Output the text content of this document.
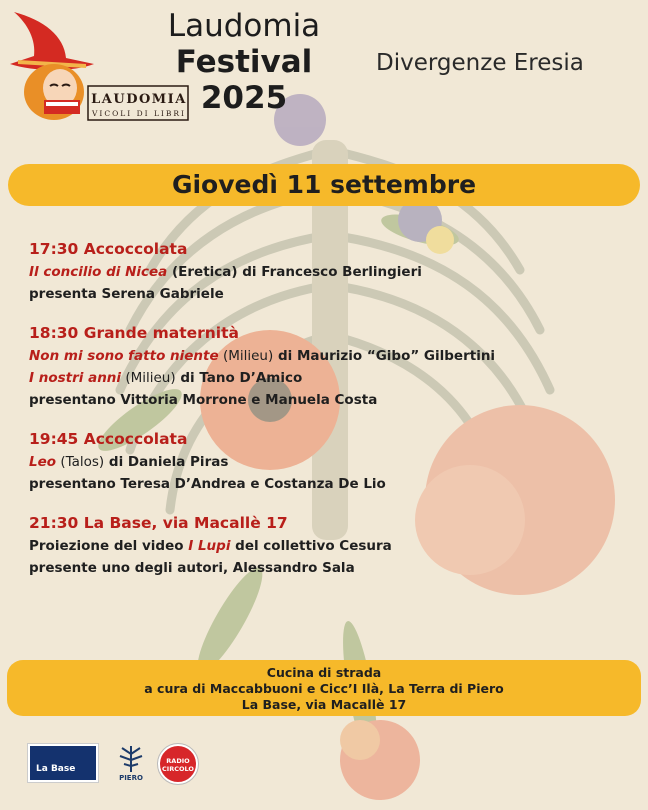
LAUDOMIA
VICOLI DI LIBRI
Laudomia
Festival
2025
Divergenze Eresia
Giovedì 11 settembre
17:30 Accoccolata
Il concilio di Nicea (Eretica) di Francesco Berlingieri
presenta Serena Gabriele
18:30 Grande maternità
Non mi sono fatto niente (Milieu) di Maurizio “Gibo” Gilbertini
I nostri anni (Milieu) di Tano D’Amico
presentano Vittoria Morrone e Manuela Costa
19:45 Accoccolata
Leo (Talos) di Daniela Piras
presentano Teresa D’Andrea e Costanza De Lio
21:30 La Base, via Macallè 17
Proiezione del video I Lupi del collettivo Cesura
presente uno degli autori, Alessandro Sala
Cucina di strada
a cura di Maccabbuoni e Cicc’I Ilà, La Terra di Piero
La Base, via Macallè 17
La Base
PIERO
RADIO
CIRCOLO
